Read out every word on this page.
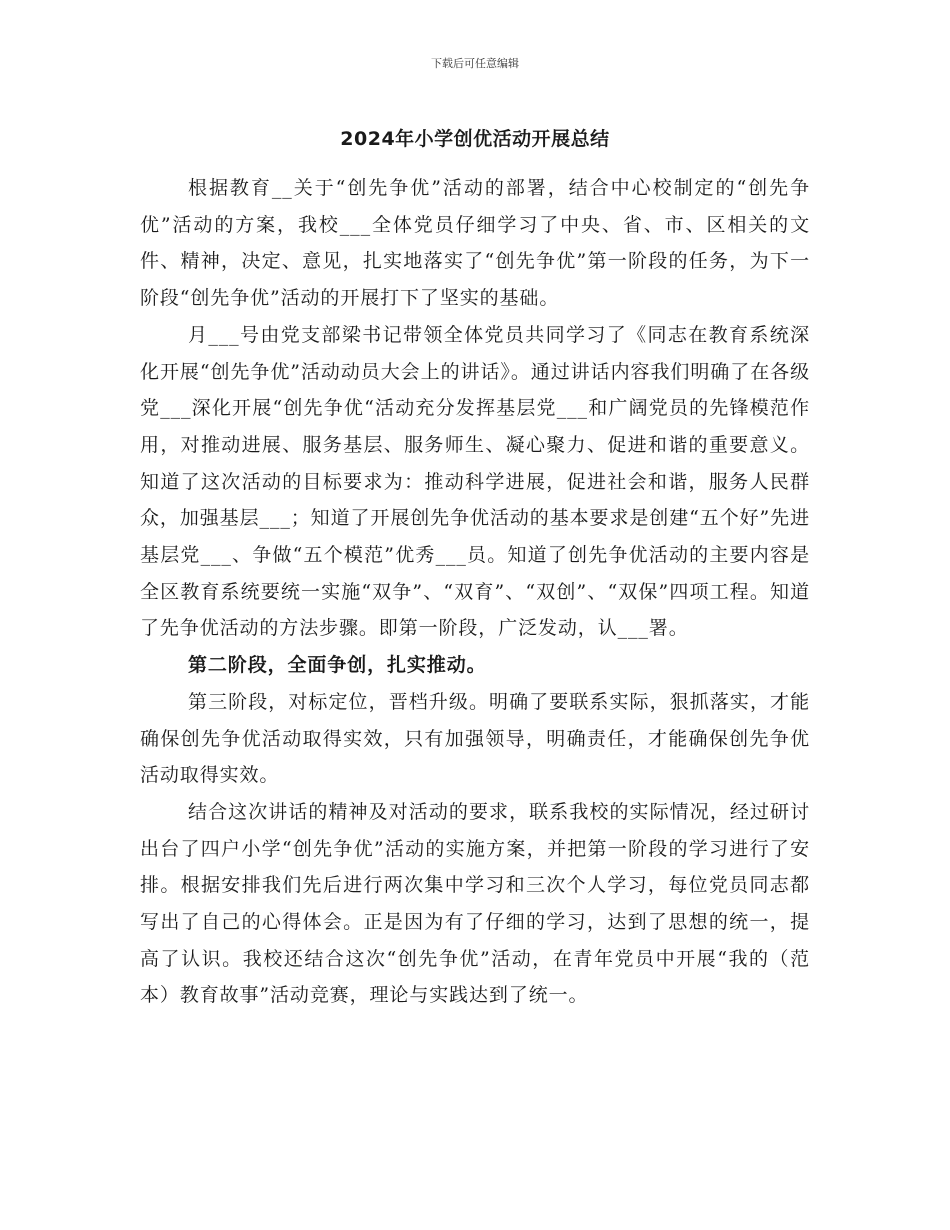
下载后可任意编辑
2024年小学创优活动开展总结

根据教育__关于“创先争优”活动的部署，结合中心校制定的“创先争优”活动的方案，我校___全体党员仔细学习了中央、省、市、区相关的文件、精神，决定、意见，扎实地落实了“创先争优”第一阶段的任务，为下一阶段“创先争优”活动的开展打下了坚实的基础。

月___号由党支部梁书记带领全体党员共同学习了《同志在教育系统深化开展“创先争优”活动动员大会上的讲话》。通过讲话内容我们明确了在各级党___深化开展“创先争优“活动充分发挥基层党___和广阔党员的先锋模范作用，对推动进展、服务基层、服务师生、凝心聚力、促进和谐的重要意义。知道了这次活动的目标要求为：推动科学进展，促进社会和谐，服务人民群众，加强基层___；知道了开展创先争优活动的基本要求是创建“五个好”先进基层党___、争做“五个模范”优秀___员。知道了创先争优活动的主要内容是全区教育系统要统一实施“双争”、“双育”、“双创”、“双保”四项工程。知道了先争优活动的方法步骤。即第一阶段，广泛发动，认___署。

第二阶段，全面争创，扎实推动。

第三阶段，对标定位，晋档升级。明确了要联系实际，狠抓落实，才能确保创先争优活动取得实效，只有加强领导，明确责任，才能确保创先争优活动取得实效。

结合这次讲话的精神及对活动的要求，联系我校的实际情况，经过研讨出台了四户小学“创先争优”活动的实施方案，并把第一阶段的学习进行了安排。根据安排我们先后进行两次集中学习和三次个人学习，每位党员同志都写出了自己的心得体会。正是因为有了仔细的学习，达到了思想的统一，提高了认识。我校还结合这次“创先争优”活动，在青年党员中开展“我的（范本）教育故事”活动竞赛，理论与实践达到了统一。
